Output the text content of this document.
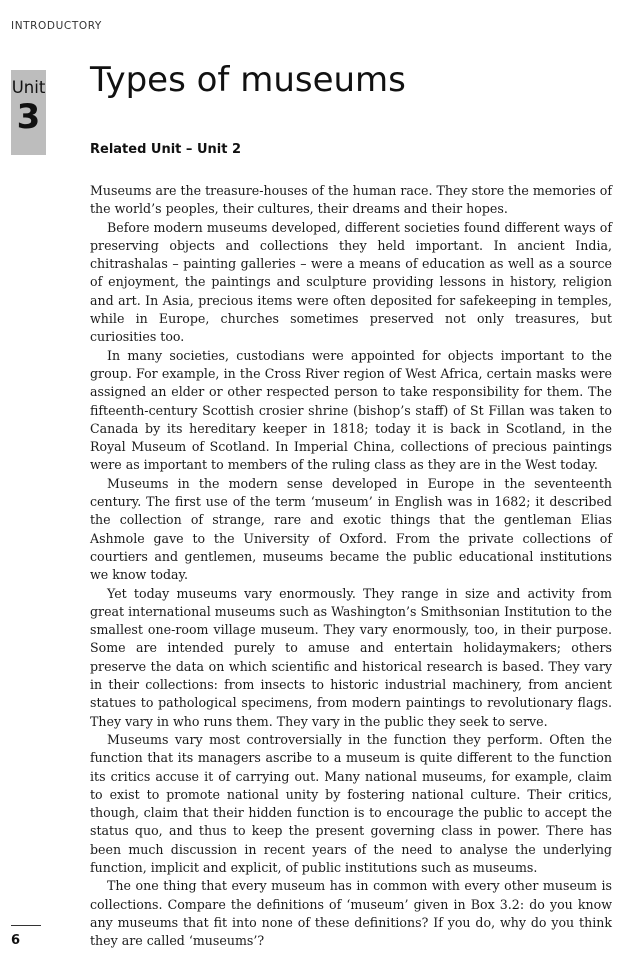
INTRODUCTORY
Unit
3
Types of museums
Related Unit – Unit 2

Museums are the treasure-houses of the human race. They store the memories of the world’s peoples, their cultures, their dreams and their hopes.

Before modern museums developed, different societies found different ways of preserving objects and collections they held important. In ancient India, chitrashalas – painting galleries – were a means of education as well as a source of enjoyment, the paintings and sculpture providing lessons in history, religion and art. In Asia, precious items were often deposited for safekeeping in temples, while in Europe, churches sometimes preserved not only treasures, but curiosities too.

In many societies, custodians were appointed for objects important to the group. For example, in the Cross River region of West Africa, certain masks were assigned an elder or other respected person to take responsibility for them. The fifteenth-century Scottish crosier shrine (bishop’s staff) of St Fillan was taken to Canada by its hereditary keeper in 1818; today it is back in Scotland, in the Royal Museum of Scotland. In Imperial China, collections of precious paintings were as important to members of the ruling class as they are in the West today.

Museums in the modern sense developed in Europe in the seventeenth century. The first use of the term ‘museum’ in English was in 1682; it described the collection of strange, rare and exotic things that the gentleman Elias Ashmole gave to the University of Oxford. From the private collections of courtiers and gentlemen, museums became the public educational institutions we know today.

Yet today museums vary enormously. They range in size and activity from great international museums such as Washington’s Smithsonian Institution to the smallest one-room village museum. They vary enormously, too, in their purpose. Some are intended purely to amuse and entertain holidaymakers; others preserve the data on which scientific and historical research is based. They vary in their collections: from insects to historic industrial machinery, from ancient statues to pathological specimens, from modern paintings to revolutionary flags. They vary in who runs them. They vary in the public they seek to serve.

Museums vary most controversially in the function they perform. Often the function that its managers ascribe to a museum is quite different to the function its critics accuse it of carrying out. Many national museums, for example, claim to exist to promote national unity by fostering national culture. Their critics, though, claim that their hidden function is to encourage the public to accept the status quo, and thus to keep the present governing class in power. There has been much discussion in recent years of the need to analyse the underlying function, implicit and explicit, of public institutions such as museums.

The one thing that every museum has in common with every other museum is collections. Compare the definitions of ‘museum’ given in Box 3.2: do you know any museums that fit into none of these definitions? If you do, why do you think they are called ‘museums’?

6
